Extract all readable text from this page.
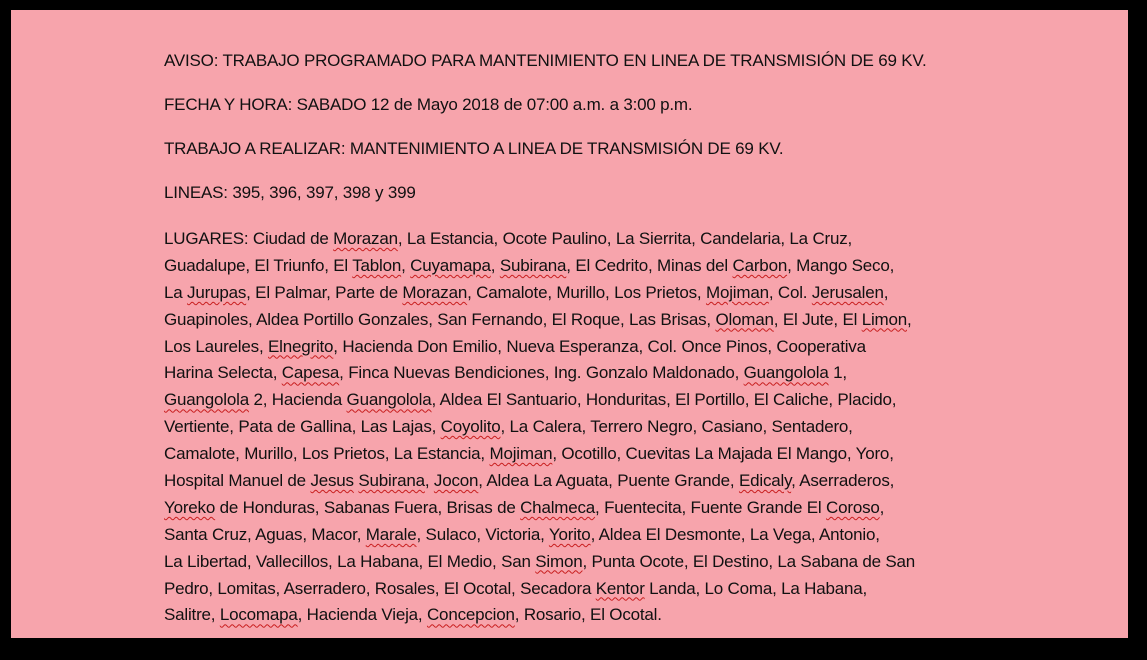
AVISO: TRABAJO PROGRAMADO PARA MANTENIMIENTO EN LINEA DE TRANSMISIÓN DE 69 KV.

FECHA Y HORA: SABADO 12 de Mayo 2018 de 07:00 a.m. a 3:00 p.m.

TRABAJO A REALIZAR: MANTENIMIENTO A LINEA DE TRANSMISIÓN DE 69 KV.

LINEAS: 395, 396, 397, 398 y 399

LUGARES: Ciudad de Morazan, La Estancia, Ocote Paulino, La Sierrita, Candelaria, La Cruz,
Guadalupe, El Triunfo, El Tablon, Cuyamapa, Subirana, El Cedrito, Minas del Carbon, Mango Seco,
La Jurupas, El Palmar, Parte de Morazan, Camalote, Murillo, Los Prietos, Mojiman, Col. Jerusalen,
Guapinoles, Aldea Portillo Gonzales, San Fernando, El Roque, Las Brisas, Oloman, El Jute, El Limon,
Los Laureles, Elnegrito, Hacienda Don Emilio, Nueva Esperanza, Col. Once Pinos, Cooperativa
Harina Selecta, Capesa, Finca Nuevas Bendiciones, Ing. Gonzalo Maldonado, Guangolola 1,
Guangolola 2, Hacienda Guangolola, Aldea El Santuario, Honduritas, El Portillo, El Caliche, Placido,
Vertiente, Pata de Gallina, Las Lajas, Coyolito, La Calera, Terrero Negro, Casiano, Sentadero,
Camalote, Murillo, Los Prietos, La Estancia, Mojiman, Ocotillo, Cuevitas La Majada El Mango, Yoro,
Hospital Manuel de Jesus Subirana, Jocon, Aldea La Aguata, Puente Grande, Edicaly, Aserraderos,
Yoreko de Honduras, Sabanas Fuera, Brisas de Chalmeca, Fuentecita, Fuente Grande El Coroso,
Santa Cruz, Aguas, Macor, Marale, Sulaco, Victoria, Yorito, Aldea El Desmonte, La Vega, Antonio,
La Libertad, Vallecillos, La Habana, El Medio, San Simon, Punta Ocote, El Destino, La Sabana de San
Pedro, Lomitas, Aserradero, Rosales, El Ocotal, Secadora Kentor Landa, Lo Coma, La Habana,
Salitre, Locomapa, Hacienda Vieja, Concepcion, Rosario, El Ocotal.
